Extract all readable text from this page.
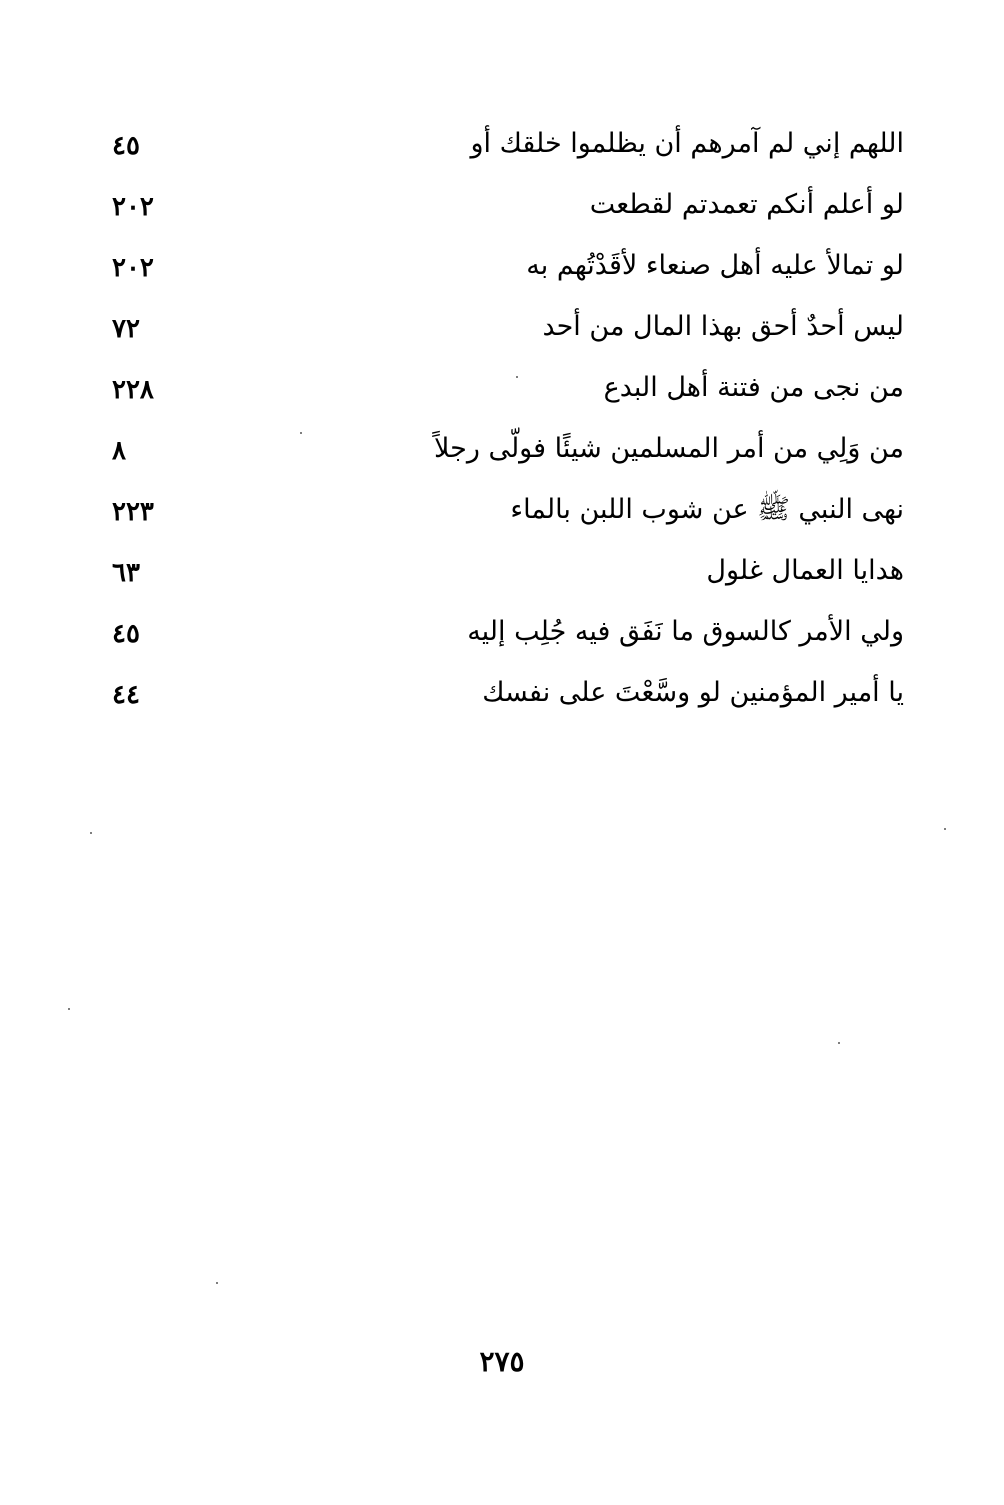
اللهم إني لم آمرهم أن يظلموا خلقك أو
٤٥
لو أعلم أنكم تعمدتم لقطعت
٢٠٢
لو تمالأ عليه أهل صنعاء لأقَدْتُهم به
٢٠٢
ليس أحدٌ أحق بهذا المال من أحد
٧٢
من نجى من فتنة أهل البدع
٢٢٨
من وَلِي من أمر المسلمين شيئًا فولّى رجلاً
٨
نهى النبي ﷺ عن شوب اللبن بالماء
٢٢٣
هدايا العمال غلول
٦٣
ولي الأمر كالسوق ما نَفَق فيه جُلِب إليه
٤٥
يا أمير المؤمنين لو وسَّعْتَ على نفسك
٤٤
٢٧٥
